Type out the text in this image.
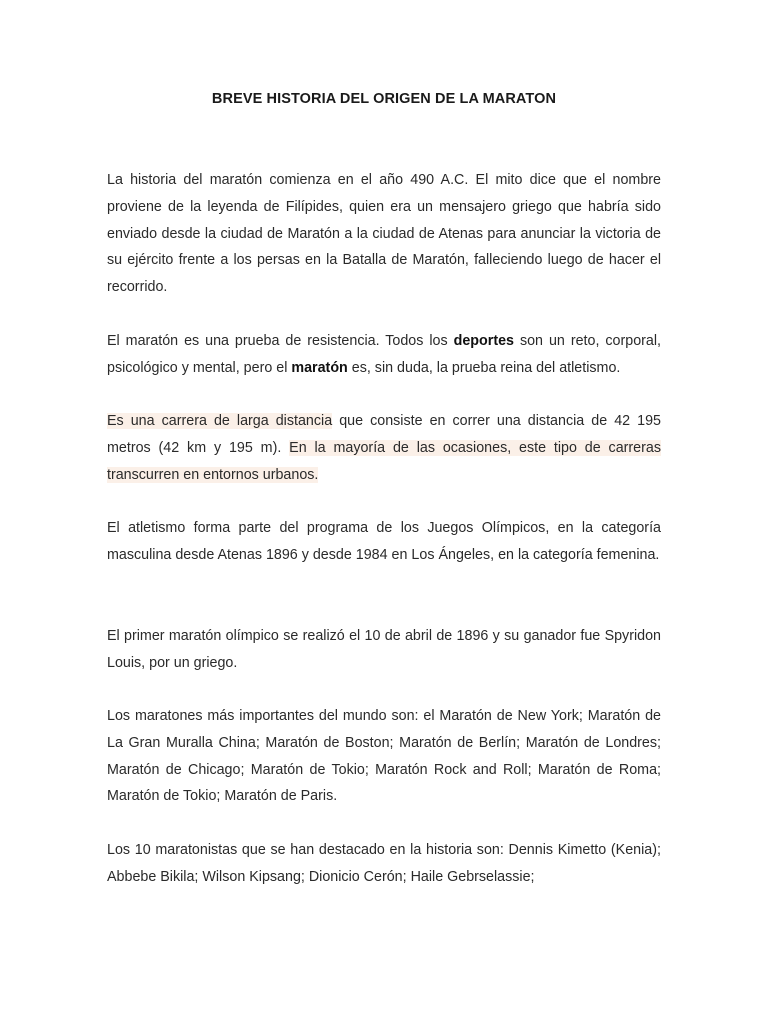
BREVE HISTORIA DEL ORIGEN DE LA MARATON
La historia del maratón comienza en el año 490 A.C. El mito dice que el nombre proviene de la leyenda de Filípides, quien era un mensajero griego que habría sido enviado desde la ciudad de Maratón a la ciudad de Atenas para anunciar la victoria de su ejército frente a los persas en la Batalla de Maratón, falleciendo luego de hacer el recorrido.
El maratón es una prueba de resistencia. Todos los deportes son un reto, corporal, psicológico y mental, pero el maratón es, sin duda, la prueba reina del atletismo.
Es una carrera de larga distancia que consiste en correr una distancia de 42 195 metros (42 km y 195 m). En la mayoría de las ocasiones, este tipo de carreras transcurren en entornos urbanos.
El atletismo forma parte del programa de los Juegos Olímpicos, en la categoría masculina desde Atenas 1896 y desde 1984 en Los Ángeles, en la categoría femenina.
El primer maratón olímpico se realizó el 10 de abril de 1896 y su ganador fue Spyridon Louis, por un griego.
Los maratones más importantes del mundo son: el Maratón de New York; Maratón de La Gran Muralla China; Maratón de Boston; Maratón de Berlín; Maratón de Londres; Maratón de Chicago; Maratón de Tokio; Maratón Rock and Roll; Maratón de Roma; Maratón de Tokio; Maratón de Paris.
Los 10 maratonistas que se han destacado en la historia son: Dennis Kimetto (Kenia); Abbebe Bikila; Wilson Kipsang; Dionicio Cerón; Haile Gebrselassie;
